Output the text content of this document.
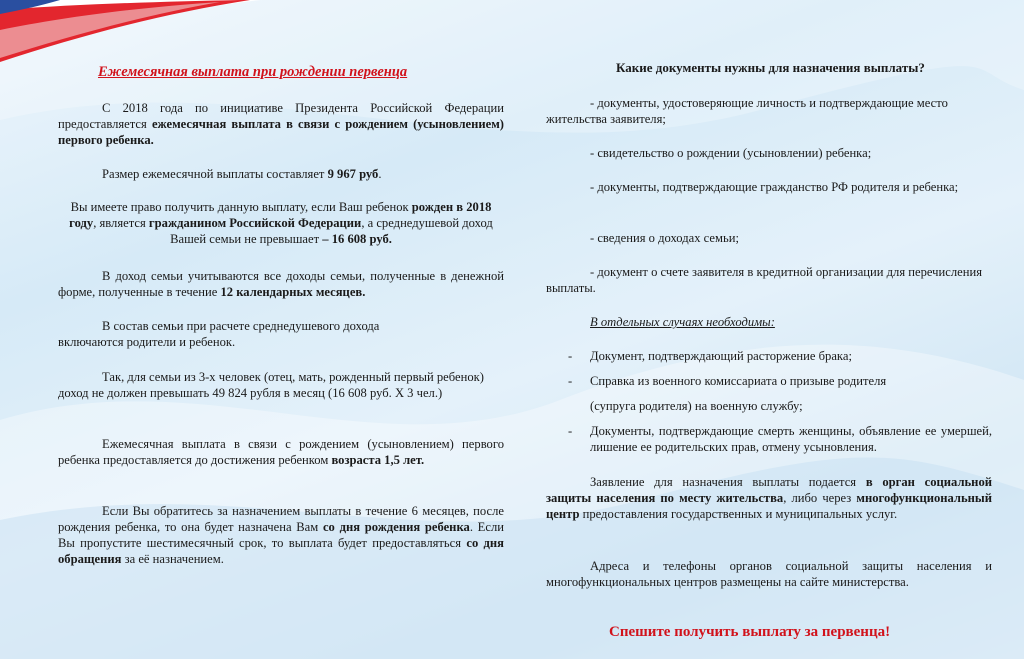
Ежемесячная выплата при рождении первенца

С 2018 года по инициативе Президента Российской Федерации предоставляется ежемесячная выплата в связи с рождением (усыновлением) первого ребенка.

Размер ежемесячной выплаты составляет 9 967 руб.

Вы имеете право получить данную выплату, если Ваш ребенок рожден в 2018 году, является гражданином Российской Федерации, а среднедушевой доход Вашей семьи не превышает – 16 608 руб.

В доход семьи учитываются все доходы семьи, полученные в денежной форме, полученные в течение 12 календарных месяцев.

В состав семьи при расчете среднедушевого дохода включаются родители и ребенок.

Так, для семьи из 3-х человек (отец, мать, рожденный первый ребенок) доход не должен превышать 49 824 рубля в месяц (16 608 руб. Х 3 чел.)

Ежемесячная выплата в связи с рождением (усыновлением) первого ребенка предоставляется до достижения ребенком возраста 1,5 лет.

Если Вы обратитесь за назначением выплаты в течение 6 месяцев, после рождения ребенка, то она будет назначена Вам со дня рождения ребенка. Если Вы пропустите шестимесячный срок, то выплата будет предоставляться со дня обращения за её назначением.

Какие документы нужны для назначения выплаты?

- документы, удостоверяющие личность и подтверждающие место жительства заявителя;

- свидетельство о рождении (усыновлении) ребенка;

- документы, подтверждающие гражданство РФ родителя и ребенка;

- сведения о доходах семьи;

- документ о счете заявителя в кредитной организации для перечисления выплаты.

В отдельных случаях необходимы:
- Документ, подтверждающий расторжение брака;

- Справка из военного комиссариата о призыве родителя

(супруга родителя) на военную службу;

- Документы, подтверждающие смерть женщины, объявление ее умершей, лишение ее родительских прав, отмену усыновления.

Заявление для назначения выплаты подается в орган социальной защиты населения по месту жительства, либо через многофункциональный центр предоставления государственных и муниципальных услуг.

Адреса и телефоны органов социальной защиты населения и многофункциональных центров размещены на сайте министерства.

Спешите получить выплату за первенца!
